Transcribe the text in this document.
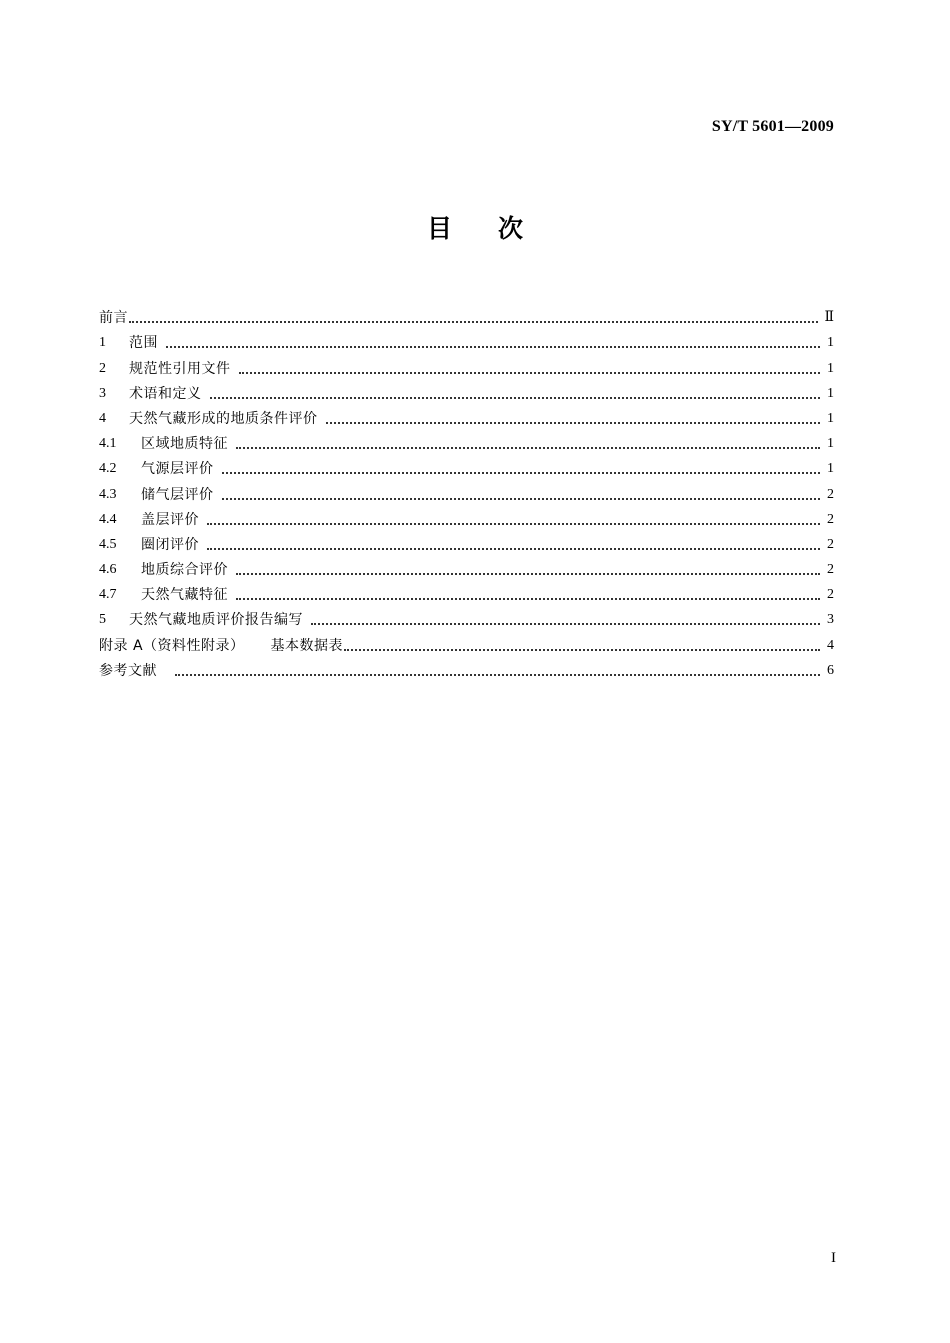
SY/T 5601—2009
目 次
前言	Ⅱ
1	范围	1
2	规范性引用文件	1
3	术语和定义	1
4	天然气藏形成的地质条件评价	1
4.1	区域地质特征	1
4.2	气源层评价	1
4.3	储气层评价	2
4.4	盖层评价	2
4.5	圈闭评价	2
4.6	地质综合评价	2
4.7	天然气藏特征	2
5	天然气藏地质评价报告编写	3
附录 A（资料性附录） 基本数据表	4
参考文献	6
I
